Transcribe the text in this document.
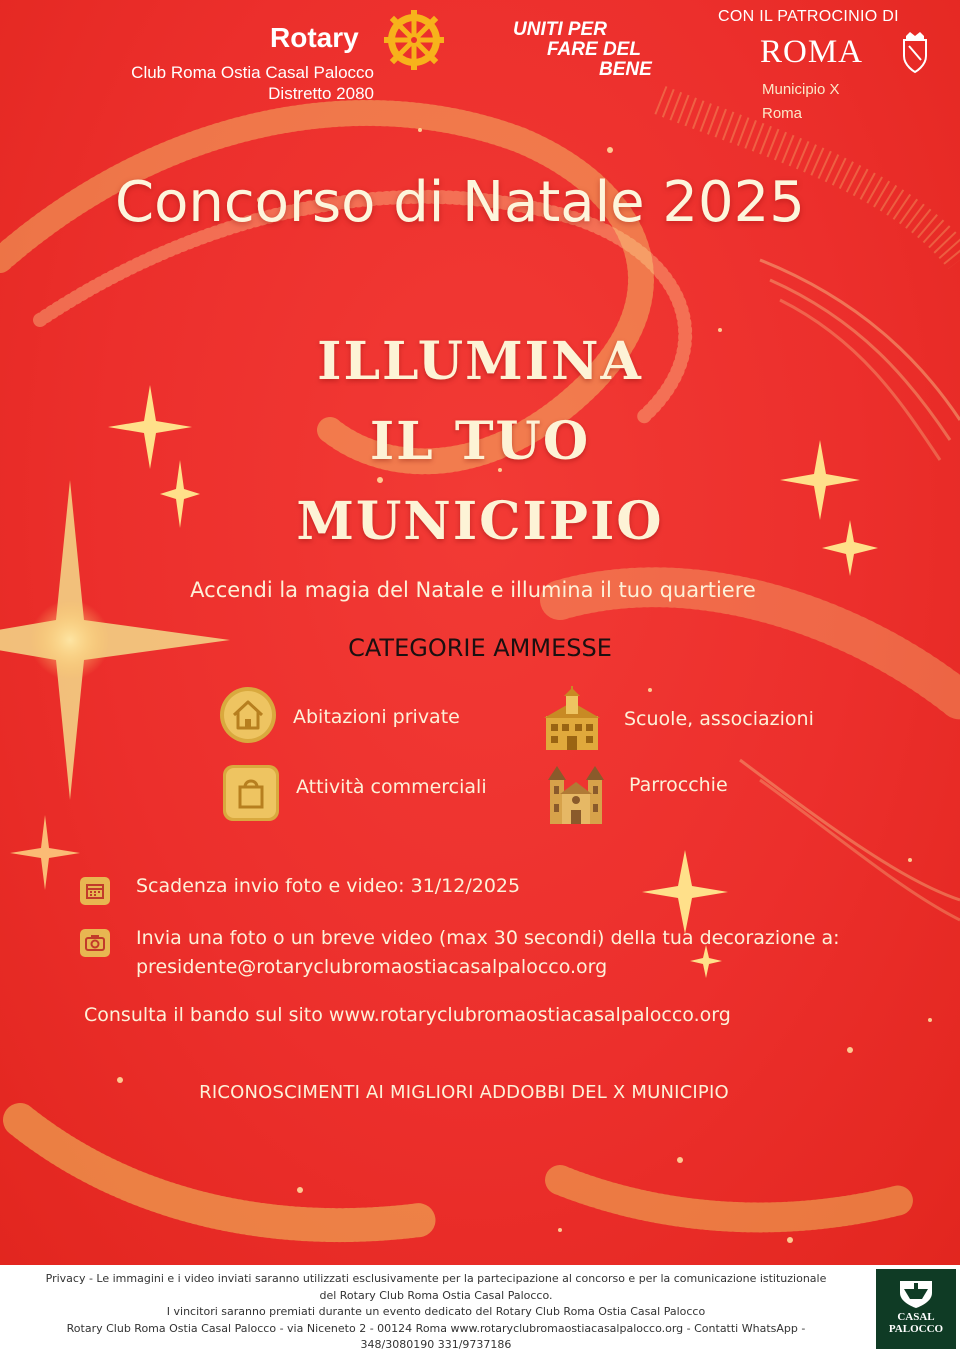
Rotary
Club Roma Ostia Casal Palocco
Distretto 2080
UNITI PER
FARE DEL
BENE
CON IL PATROCINIO DI
ROMA
Municipio X
Roma
Concorso di Natale 2025
ILLUMINA
IL TUO
MUNICIPIO
Accendi la magia del Natale e illumina il tuo quartiere
CATEGORIE AMMESSE
Abitazioni private	Scuole, associazioni
Attività commerciali	Parrocchie
Scadenza invio foto e video: 31/12/2025
Invia una foto o un breve video (max 30 secondi) della tua decorazione a:
presidente@rotaryclubromaostiacasalpalocco.org
Consulta il bando sul sito www.rotaryclubromaostiacasalpalocco.org
RICONOSCIMENTI AI MIGLIORI ADDOBBI DEL X MUNICIPIO
Privacy - Le immagini e i video inviati saranno utilizzati esclusivamente per la partecipazione al concorso e per la comunicazione istituzionale
del Rotary Club Roma Ostia Casal Palocco.
I vincitori saranno premiati durante un evento dedicato del Rotary Club Roma Ostia Casal Palocco
Rotary Club Roma Ostia Casal Palocco - via Niceneto 2 - 00124 Roma www.rotaryclubromaostiacasalpalocco.org - Contatti WhatsApp -
348/3080190 331/9737186
CASAL
PALOCCO
